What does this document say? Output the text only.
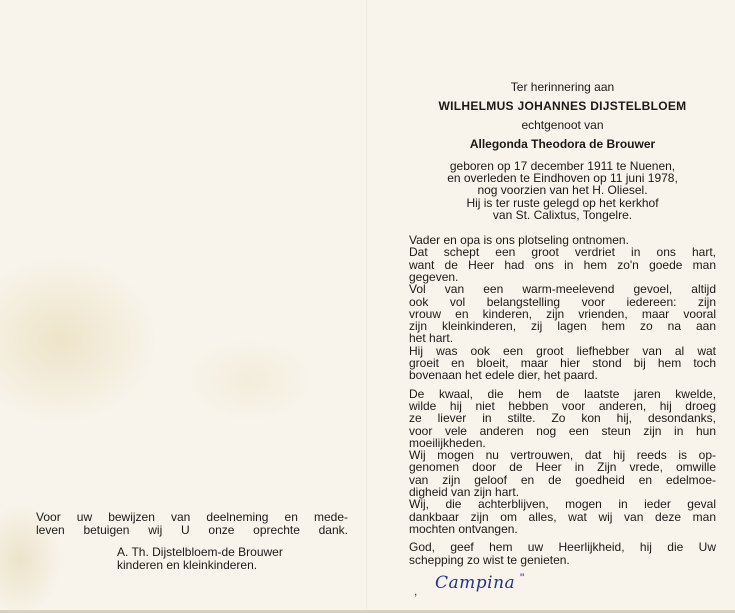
Ter herinnering aan
WILHELMUS JOHANNES DIJSTELBLOEM
echtgenoot van
Allegonda Theodora de Brouwer
geboren op 17 december 1911 te Nuenen,
en overleden te Eindhoven op 11 juni 1978,
nog voorzien van het H. Oliesel.
Hij is ter ruste gelegd op het kerkhof
van St. Calixtus, Tongelre.
Vader en opa is ons plotseling ontnomen.
Dat schept een groot verdriet in ons hart,
want de Heer had ons in hem zo'n goede man
gegeven.
Vol van een warm-meelevend gevoel, altijd
ook vol belangstelling voor iedereen: zijn
vrouw en kinderen, zijn vrienden, maar vooral
zijn kleinkinderen, zij lagen hem zo na aan
het hart.
Hij was ook een groot liefhebber van al wat
groeit en bloeit, maar hier stond bij hem toch
bovenaan het edele dier, het paard.
De kwaal, die hem de laatste jaren kwelde,
wilde hij niet hebben voor anderen, hij droeg
ze liever in stilte. Zo kon hij, desondanks,
voor vele anderen nog een steun zijn in hun
moeilijkheden.
Wij mogen nu vertrouwen, dat hij reeds is op-
genomen door de Heer in Zijn vrede, omwille
van zijn geloof en de goedheid en edelmoe-
digheid van zijn hart.
Wij, die achterblijven, mogen in ieder geval
dankbaar zijn om alles, wat wij van deze man
mochten ontvangen.
God, geef hem uw Heerlijkheid, hij die Uw
schepping zo wist te genieten.
Voor uw bewijzen van deelneming en mede-
leven betuigen wij U onze oprechte dank.
A. Th. Dijstelbloem-de Brouwer
kinderen en kleinkinderen.
, Campina "
